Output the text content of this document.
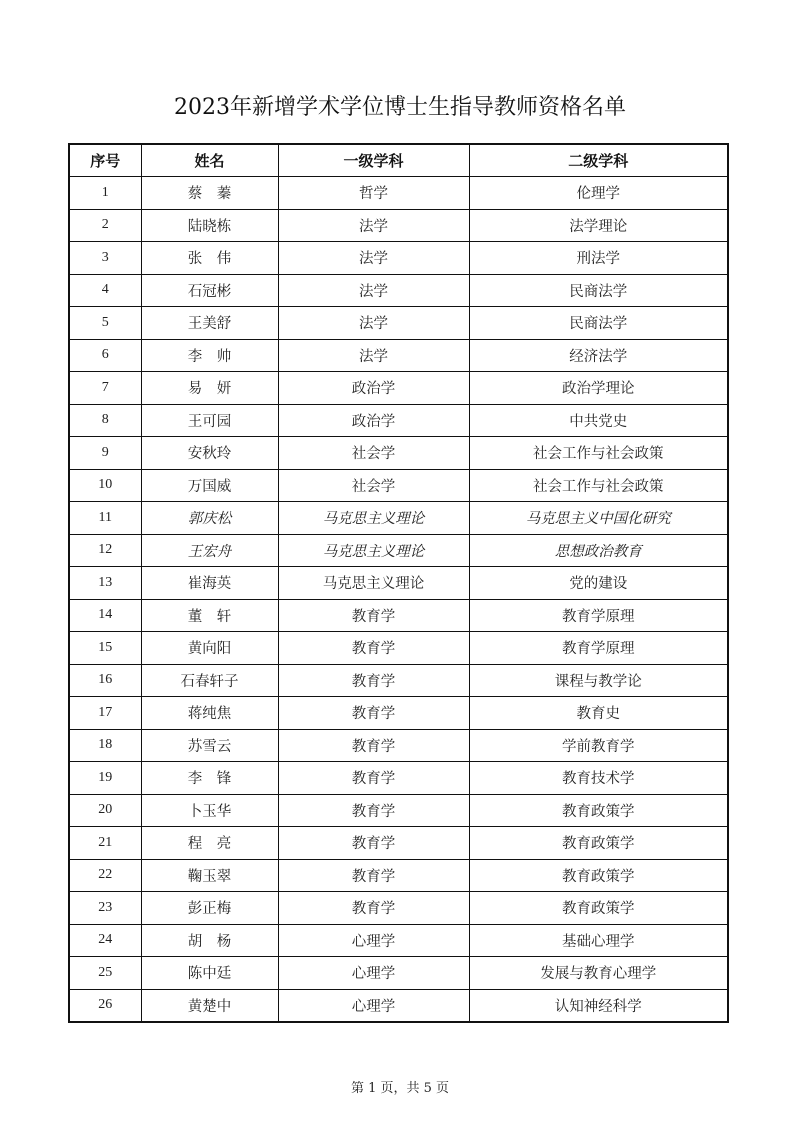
2023年新增学术学位博士生指导教师资格名单
序号	姓名	一级学科	二级学科
1	蔡　蓁	哲学	伦理学
2	陆晓栋	法学	法学理论
3	张　伟	法学	刑法学
4	石冠彬	法学	民商法学
5	王美舒	法学	民商法学
6	李　帅	法学	经济法学
7	易　妍	政治学	政治学理论
8	王可园	政治学	中共党史
9	安秋玲	社会学	社会工作与社会政策
10	万国威	社会学	社会工作与社会政策
11	郭庆松	马克思主义理论	马克思主义中国化研究
12	王宏舟	马克思主义理论	思想政治教育
13	崔海英	马克思主义理论	党的建设
14	董　轩	教育学	教育学原理
15	黄向阳	教育学	教育学原理
16	石春轩子	教育学	课程与教学论
17	蒋纯焦	教育学	教育史
18	苏雪云	教育学	学前教育学
19	李　锋	教育学	教育技术学
20	卜玉华	教育学	教育政策学
21	程　亮	教育学	教育政策学
22	鞠玉翠	教育学	教育政策学
23	彭正梅	教育学	教育政策学
24	胡　杨	心理学	基础心理学
25	陈中廷	心理学	发展与教育心理学
26	黄楚中	心理学	认知神经科学
第 1 页，共 5 页
